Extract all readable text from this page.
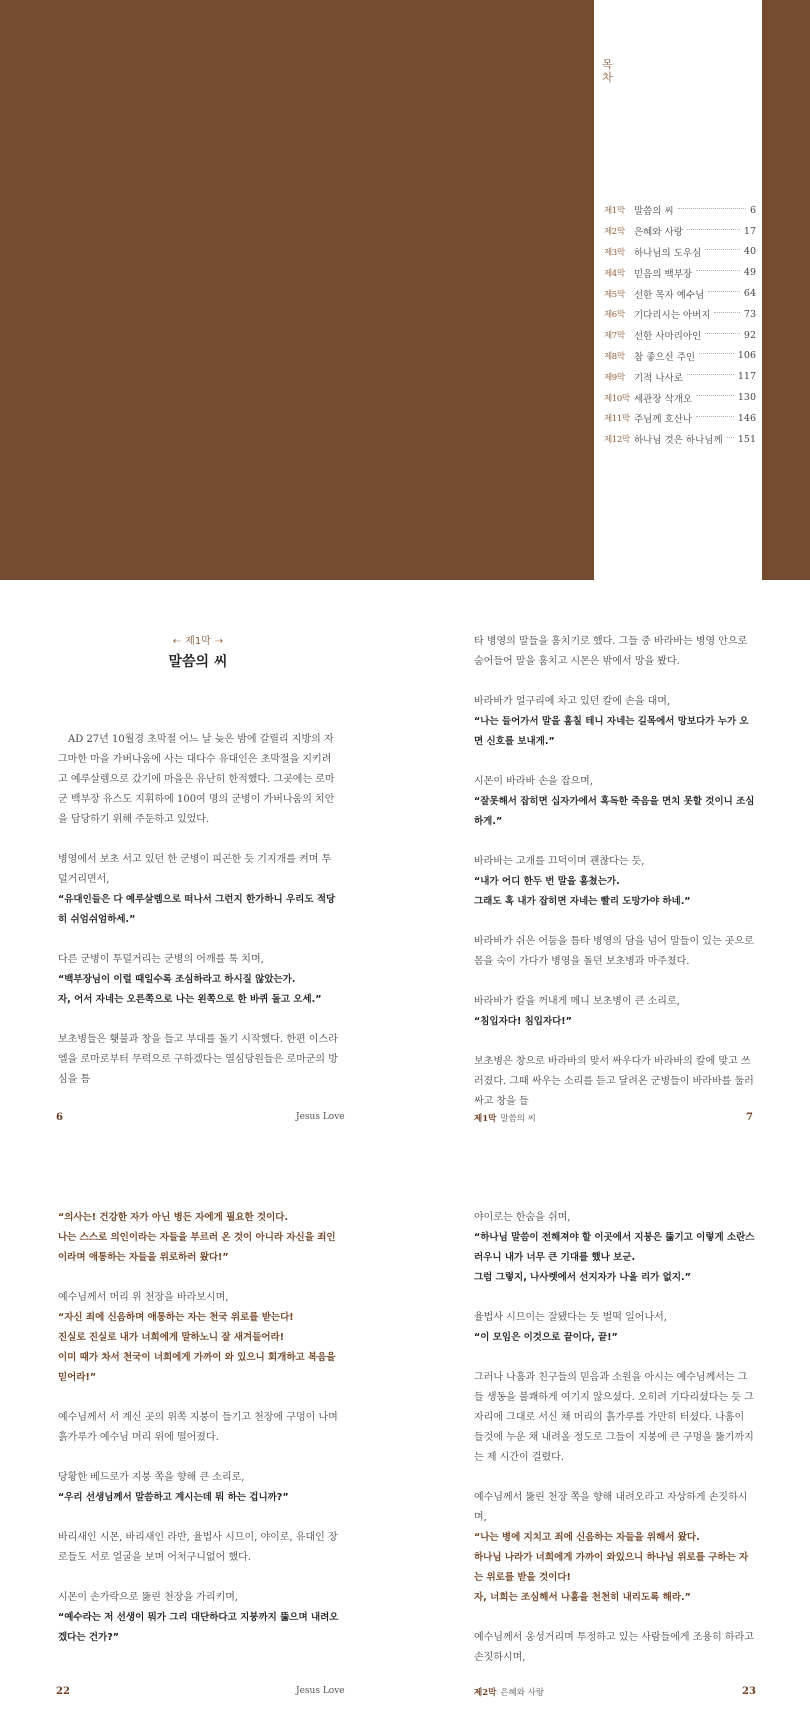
목차
제1막 말씀의 씨	6
제2막 은혜와 사랑	17
제3막 하나님의 도우심	40
제4막 믿음의 백부장	49
제5막 선한 목자 예수님	64
제6막 기다리시는 아버지	73
제7막 선한 사마리아인	92
제8막 참 좋으신 주인	106
제9막 기적 나사로	117
제10막 세관장 삭개오	130
제11막 주님께 호산나	146
제12막 하나님 것은 하나님께 151
⇠ 제1막 ⇢
말씀의 씨
AD 27년 10월경 초막절 어느 날 늦은 밤에 갈릴리 지방의 자그마한 마을 가버나움에 사는 대다수 유대인은 초막절을 지키려고 예루살렘으로 갔기에 마을은 유난히 한적했다. 그곳에는 로마군 백부장 유스도 지휘하에 100여 명의 군병이 가버나움의 치안을 담당하기 위해 주둔하고 있었다.

병영에서 보초 서고 있던 한 군병이 피곤한 듯 기지개를 켜며 투덜거리면서,

“유대인들은 다 예루살렘으로 떠나서 그런지 한가하니 우리도 적당히 쉬엄쉬엄하세.”

다른 군병이 투덜거리는 군병의 어깨를 툭 치며,

“백부장님이 이럴 때일수록 조심하라고 하시질 않았는가.

자, 어서 자네는 오른쪽으로 나는 왼쪽으로 한 바퀴 돌고 오세.”

보초병들은 횃불과 창을 들고 부대를 돌기 시작했다. 한편 이스라엘을 로마로부터 무력으로 구하겠다는 열심당원들은 로마군의 방심을 틈
6	Jesus Love
타 병영의 말들을 훔치기로 했다. 그들 중 바라바는 병영 안으로 숨어들어 말을 훔치고 시몬은 밖에서 망을 봤다.

바라바가 얼구리에 차고 있던 칼에 손을 대며,

“나는 들어가서 말을 훔칠 테니 자네는 길목에서 망보다가 누가 오면 신호를 보내게.”

시몬이 바라바 손을 잡으며,

“잘못해서 잡히면 십자가에서 혹독한 죽음을 면치 못할 것이니 조심하게.”

바라바는 고개를 끄덕이며 괜찮다는 듯,

“내가 어디 한두 번 말을 훔쳤는가.

그래도 혹 내가 잡히면 자네는 빨리 도망가야 하네.”

바라바가 쉬은 어둠을 틈타 병영의 담을 넘어 말들이 있는 곳으로 몸을 숙이 가다가 병영을 돌던 보초병과 마주쳤다.

바라바가 칼을 꺼내게 메니 보초병이 큰 소리로,

“침입자다! 침입자다!”

보초병은 창으로 바라바의 맞서 싸우다가 바라바의 칼에 맞고 쓰러졌다. 그때 싸우는 소리를 듣고 달려온 군병들이 바라바를 둘러싸고 창을 들
제1막 말씀의 씨	7

“의사는! 건강한 자가 아닌 병든 자에게 필요한 것이다.

나는 스스로 의인이라는 자들을 부르러 온 것이 아니라 자신을 죄인이라며 애통하는 자들을 위로하러 왔다!”

예수님께서 머리 위 천장을 바라보시며,

“자신 죄에 신음하며 애통하는 자는 천국 위로를 받는다!

진실로 진실로 내가 너희에게 말하노니 잘 새겨들어라!

이미 때가 차서 천국이 너희에게 가까이 와 있으니 회개하고 복음을 믿어라!”

예수님께서 서 계신 곳의 위쪽 지붕이 들기고 천장에 구멍이 나며 흙가루가 예수님 머리 위에 떨어졌다.

당황한 베드로가 지붕 쪽을 향해 큰 소리로,

“우리 선생님께서 말씀하고 계시는데 뭐 하는 겁니까?”

바리새인 시몬, 바리새인 라반, 율법사 시므이, 야이로, 유대인 장로들도 서로 얼굴을 보며 어처구니없어 했다.

시몬이 손가락으로 뚫린 천장을 가리키며,

“예수라는 저 선생이 뭐가 그리 대단하다고 지붕까지 뚫으며 내려오겠다는 건가?”

22	Jesus Love

야이로는 한숨을 쉬며,

“하나님 말씀이 전해져야 할 이곳에서 지붕은 뚫기고 이렇게 소란스러우니 내가 너무 큰 기대를 했나 보군.

그럼 그렇지, 나사렛에서 선지자가 나올 리가 없지.”

율법사 시므이는 잘됐다는 듯 벌떡 일어나서,

“이 모임은 이것으로 끝이다, 끝!”

그러나 나훔과 친구들의 믿음과 소원을 아시는 예수님께서는 그들 생동을 불쾌하게 여기지 않으셨다. 오히려 기다리셨다는 듯 그 자리에 그대로 서신 채 머리의 흙가루를 가만히 터셨다. 나훔이 들것에 누운 채 내려올 정도로 그들이 지붕에 큰 구멍을 뚫기까지는 제 시간이 걸렸다.

예수님께서 뚫린 천장 쪽을 향해 내려오라고 자상하게 손짓하시며,

“나는 병에 지치고 죄에 신음하는 자들을 위해서 왔다.

하나님 나라가 너희에게 가까이 와있으니 하나님 위로를 구하는 자는 위로를 받을 것이다!

자, 너희는 조심해서 나훔을 천천히 내리도록 해라.”

예수님께서 웅성거리며 투정하고 있는 사람들에게 조용히 하라고 손짓하시며,
제2막 은혜와 사랑	23
